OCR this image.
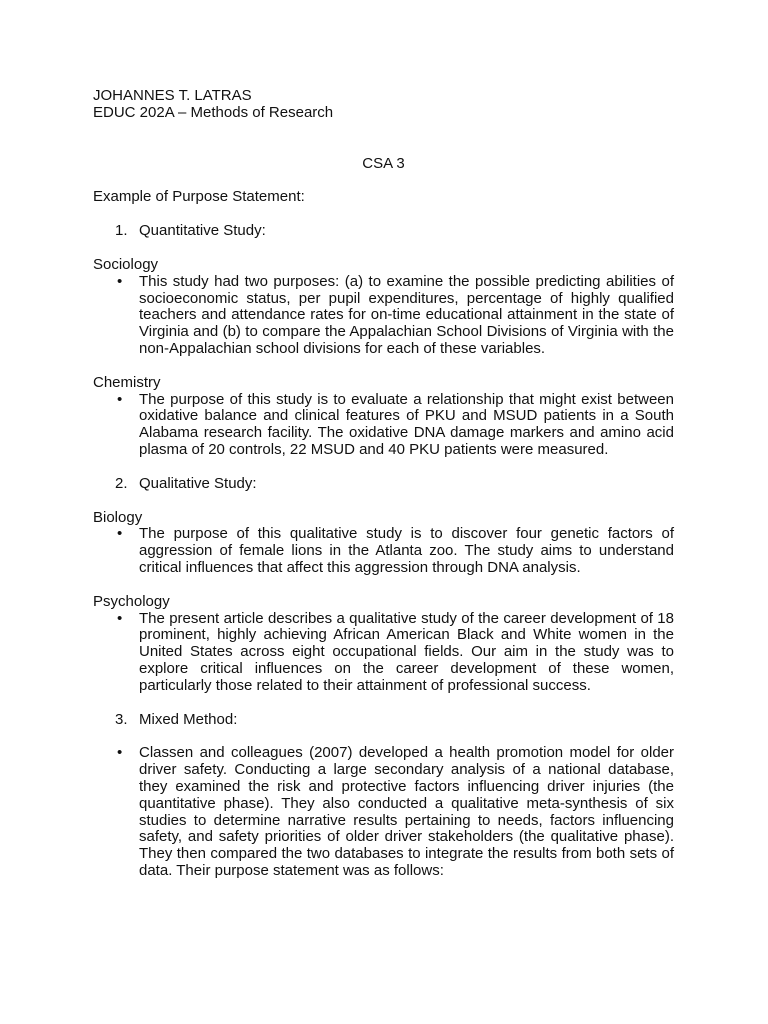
JOHANNES T. LATRAS

EDUC 202A – Methods of Research

CSA 3

Example of Purpose Statement:

1. Quantitative Study:

Sociology

•	This study had two purposes: (a) to examine the possible predicting abilities of socioeconomic status, per pupil expenditures, percentage of highly qualified teachers and attendance rates for on-time educational attainment in the state of Virginia and (b) to compare the Appalachian School Divisions of Virginia with the non-Appalachian school divisions for each of these variables.

Chemistry

•	The purpose of this study is to evaluate a relationship that might exist between oxidative balance and clinical features of PKU and MSUD patients in a South Alabama research facility. The oxidative DNA damage markers and amino acid plasma of 20 controls, 22 MSUD and 40 PKU patients were measured.
2. Qualitative Study:

Biology

•	The purpose of this qualitative study is to discover four genetic factors of aggression of female lions in the Atlanta zoo. The study aims to understand critical influences that affect this aggression through DNA analysis.

Psychology

•	The present article describes a qualitative study of the career development of 18 prominent, highly achieving African American Black and White women in the United States across eight occupational fields. Our aim in the study was to explore critical influences on the career development of these women, particularly those related to their attainment of professional success.
3. Mixed Method:
•	Classen and colleagues (2007) developed a health promotion model for older driver safety. Conducting a large secondary analysis of a national database, they examined the risk and protective factors influencing driver injuries (the quantitative phase). They also conducted a qualitative meta-synthesis of six studies to determine narrative results pertaining to needs, factors influencing safety, and safety priorities of older driver stakeholders (the qualitative phase). They then compared the two databases to integrate the results from both sets of data. Their purpose statement was as follows:
